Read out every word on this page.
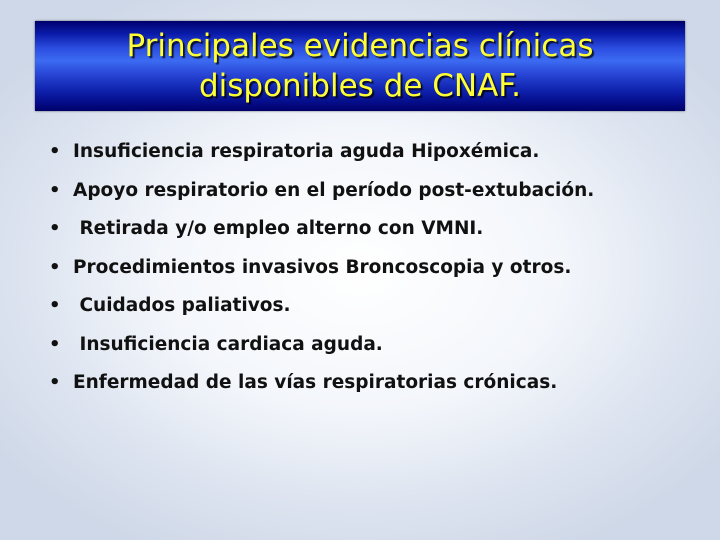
Principales evidencias clínicas
disponibles de CNAF.
• Insuficiencia respiratoria aguda Hipoxémica.
• Apoyo respiratorio en el período post-extubación.
• Retirada y/o empleo alterno con VMNI.
• Procedimientos invasivos Broncoscopia y otros.
• Cuidados paliativos.
• Insuficiencia cardiaca aguda.
• Enfermedad de las vías respiratorias crónicas.
